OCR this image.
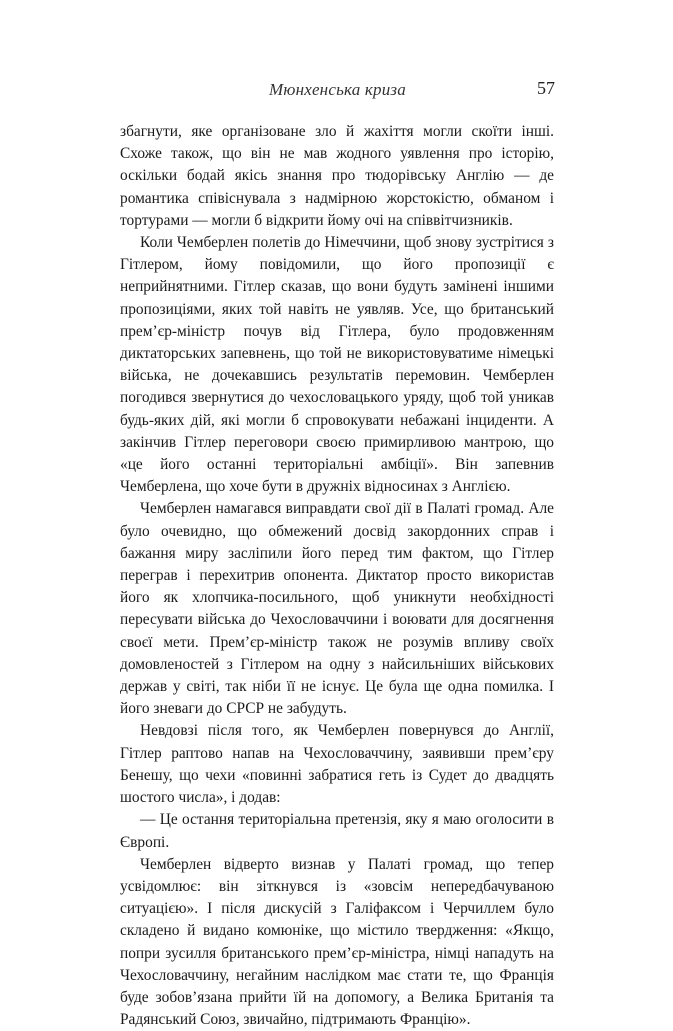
Мюнхенська криза	57

збагнути, яке організоване зло й жахіття могли скоїти інші. Схоже також, що він не мав жодного уявлення про історію, оскільки бодай якісь знання про тюдорівську Англію — де романтика співіснувала з надмірною жорстокістю, обманом і тортурами — могли б відкрити йому очі на співвітчизників.

Коли Чемберлен полетів до Німеччини, щоб знову зустрітися з Гітлером, йому повідомили, що його пропозиції є неприйнятними. Гітлер сказав, що вони будуть замінені іншими пропозиціями, яких той навіть не уявляв. Усе, що британський прем’єр-міністр почув від Гітлера, було продовженням диктаторських запевнень, що той не використовуватиме німецькі війська, не дочекавшись результатів перемовин. Чемберлен погодився звернутися до чехословацького уряду, щоб той уникав будь-яких дій, які могли б спровокувати небажані інциденти. А закінчив Гітлер переговори своєю примирливою мантрою, що «це його останні територіальні амбіції». Він запевнив Чемберлена, що хоче бути в дружніх відносинах з Англією.

Чемберлен намагався виправдати свої дії в Палаті громад. Але було очевидно, що обмежений досвід закордонних справ і бажання миру засліпили його перед тим фактом, що Гітлер переграв і перехитрив опонента. Диктатор просто використав його як хлопчика-посильного, щоб уникнути необхідності пересувати війська до Чехословаччини і воювати для досягнення своєї мети. Прем’єр-міністр також не розумів впливу своїх домовленостей з Гітлером на одну з найсильніших військових держав у світі, так ніби її не існує. Це була ще одна помилка. І його зневаги до СРСР не забудуть.

Невдовзі після того, як Чемберлен повернувся до Англії, Гітлер раптово напав на Чехословаччину, заявивши прем’єру Бенешу, що чехи «повинні забратися геть із Судет до двадцять шостого числа», і додав:

— Це остання територіальна претензія, яку я маю оголосити в Європі.

Чемберлен відверто визнав у Палаті громад, що тепер усвідомлює: він зіткнувся із «зовсім непередбачуваною ситуацією». І після дискусій з Галіфаксом і Черчиллем було складено й видано комюніке, що містило твердження: «Якщо, попри зусилля британського прем’єр-міністра, німці нападуть на Чехословаччину, негайним наслідком має стати те, що Франція буде зобов’язана прийти їй на допомогу, а Велика Британія та Радянський Союз, звичайно, підтримають Францію».
